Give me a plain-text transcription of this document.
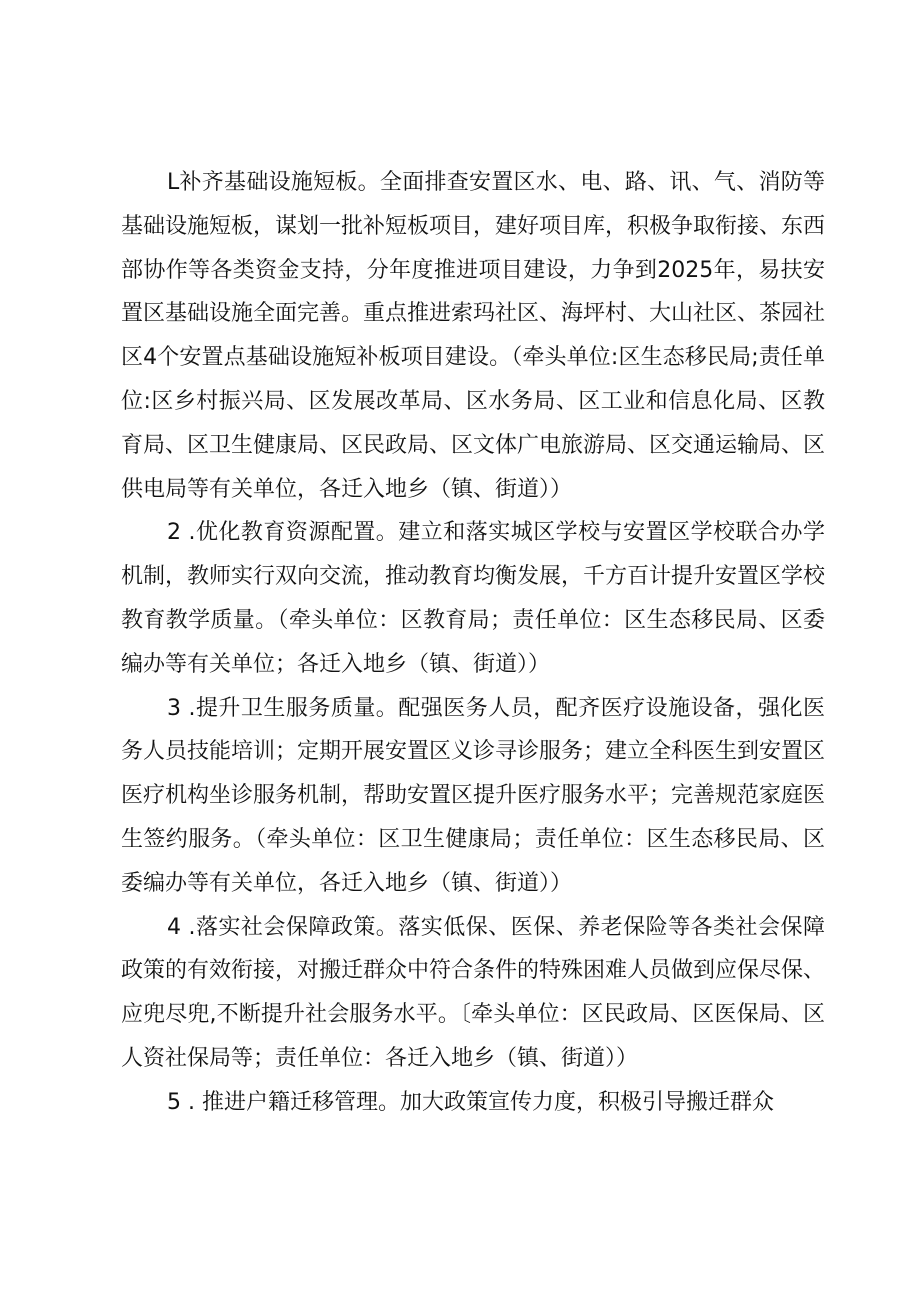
L补齐基础设施短板。全面排查安置区水、电、路、讯、气、消防等基础设施短板，谋划一批补短板项目，建好项目库，积极争取衔接、东西部协作等各类资金支持，分年度推进项目建设，力争到2025年，易扶安置区基础设施全面完善。重点推进索玛社区、海坪村、大山社区、茶园社区4个安置点基础设施短补板项目建设。（牵头单位:区生态移民局;责任单位:区乡村振兴局、区发展改革局、区水务局、区工业和信息化局、区教育局、区卫生健康局、区民政局、区文体广电旅游局、区交通运输局、区供电局等有关单位，各迁入地乡（镇、街道））

2 .优化教育资源配置。建立和落实城区学校与安置区学校联合办学机制，教师实行双向交流，推动教育均衡发展，千方百计提升安置区学校教育教学质量。（牵头单位：区教育局；责任单位：区生态移民局、区委编办等有关单位；各迁入地乡（镇、街道））

3 .提升卫生服务质量。配强医务人员，配齐医疗设施设备，强化医务人员技能培训；定期开展安置区义诊寻诊服务；建立全科医生到安置区医疗机构坐诊服务机制，帮助安置区提升医疗服务水平；完善规范家庭医生签约服务。（牵头单位：区卫生健康局；责任单位：区生态移民局、区委编办等有关单位，各迁入地乡（镇、街道））

4 .落实社会保障政策。落实低保、医保、养老保险等各类社会保障政策的有效衔接，对搬迁群众中符合条件的特殊困难人员做到应保尽保、应兜尽兜,不断提升社会服务水平。〔牵头单位：区民政局、区医保局、区人资社保局等；责任单位：各迁入地乡（镇、街道））

5 . 推进户籍迁移管理。加大政策宣传力度，积极引导搬迁群众
